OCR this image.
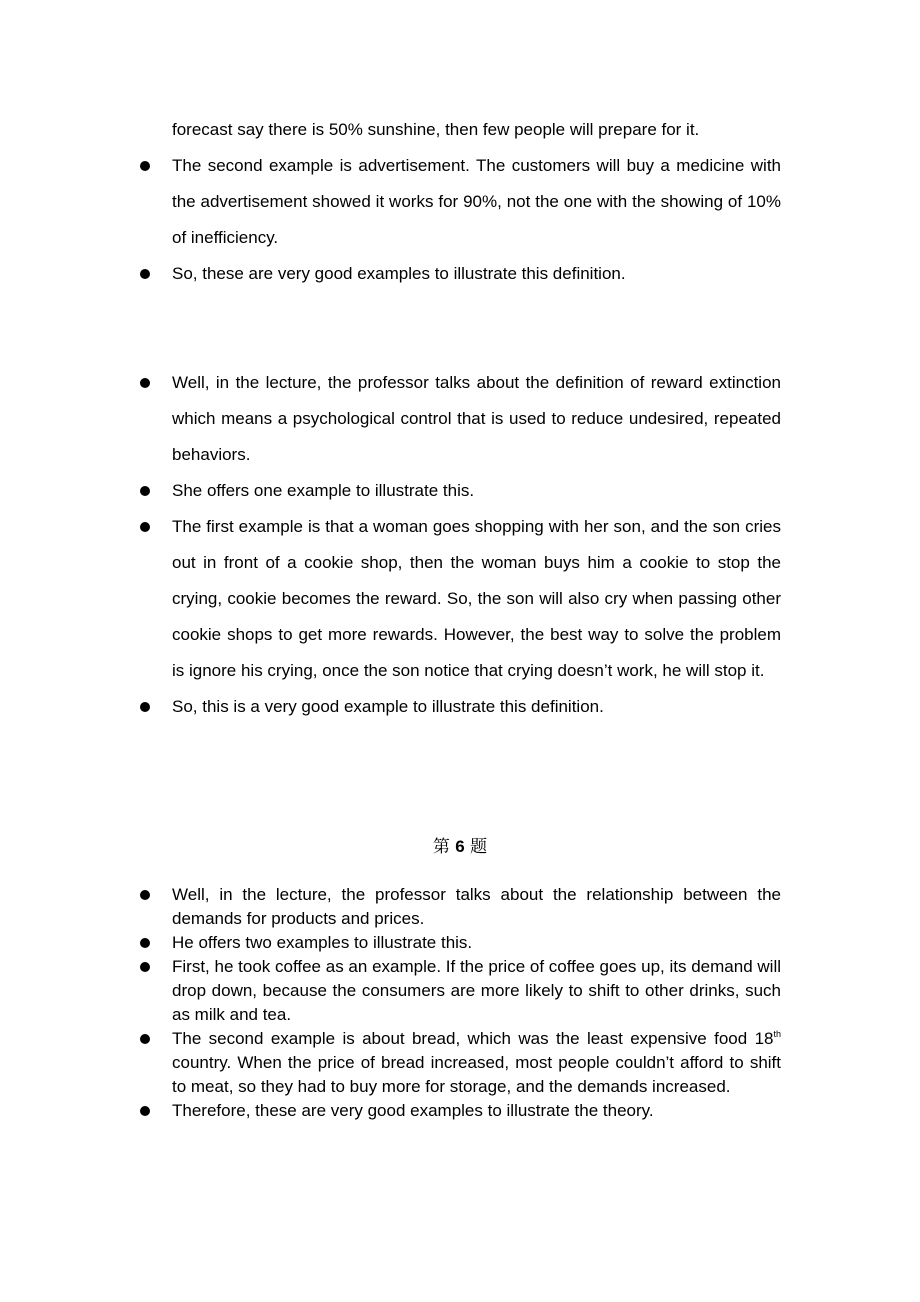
forecast say there is 50% sunshine, then few people will prepare for it.

The second example is advertisement. The customers will buy a medicine with the advertisement showed it works for 90%, not the one with the showing of 10% of inefficiency.

So, these are very good examples to illustrate this definition.

Well, in the lecture, the professor talks about the definition of reward extinction which means a psychological control that is used to reduce undesired, repeated behaviors.

She offers one example to illustrate this.

The first example is that a woman goes shopping with her son, and the son cries out in front of a cookie shop, then the woman buys him a cookie to stop the crying, cookie becomes the reward. So, the son will also cry when passing other cookie shops to get more rewards. However, the best way to solve the problem is ignore his crying, once the son notice that crying doesn’t work, he will stop it.

So, this is a very good example to illustrate this definition.

第 6 题

Well, in the lecture, the professor talks about the relationship between the demands for products and prices.

He offers two examples to illustrate this.

First, he took coffee as an example. If the price of coffee goes up, its demand will drop down, because the consumers are more likely to shift to other drinks, such as milk and tea.

The second example is about bread, which was the least expensive food 18th country. When the price of bread increased, most people couldn’t afford to shift to meat, so they had to buy more for storage, and the demands increased.

Therefore, these are very good examples to illustrate the theory.
